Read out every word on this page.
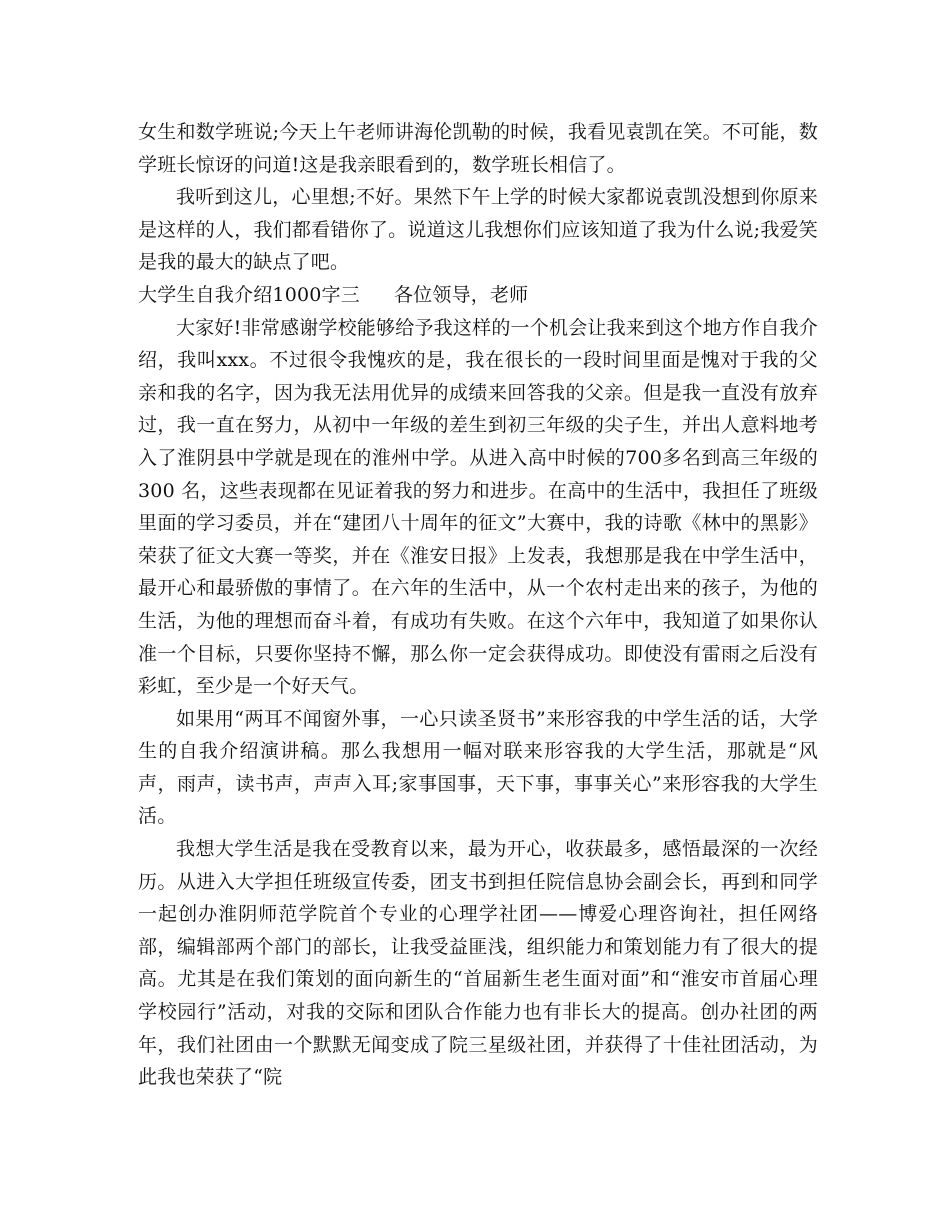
女生和数学班说;今天上午老师讲海伦凯勒的时候，我看见袁凯在笑。不可能，数学班长惊讶的问道!这是我亲眼看到的，数学班长相信了。

我听到这儿，心里想;不好。果然下午上学的时候大家都说袁凯没想到你原来是这样的人，我们都看错你了。说道这儿我想你们应该知道了我为什么说;我爱笑是我的最大的缺点了吧。

大学生自我介绍1000字三 各位领导，老师

大家好!非常感谢学校能够给予我这样的一个机会让我来到这个地方作自我介绍，我叫xxx。不过很令我愧疚的是，我在很长的一段时间里面是愧对于我的父亲和我的名字，因为我无法用优异的成绩来回答我的父亲。但是我一直没有放弃过，我一直在努力，从初中一年级的差生到初三年级的尖子生，并出人意料地考入了淮阴县中学就是现在的淮州中学。从进入高中时候的700多名到高三年级的300 名，这些表现都在见证着我的努力和进步。在高中的生活中，我担任了班级里面的学习委员，并在“建团八十周年的征文”大赛中，我的诗歌《林中的黑影》荣获了征文大赛一等奖，并在《淮安日报》上发表，我想那是我在中学生活中，最开心和最骄傲的事情了。在六年的生活中，从一个农村走出来的孩子，为他的生活，为他的理想而奋斗着，有成功有失败。在这个六年中，我知道了如果你认准一个目标，只要你坚持不懈，那么你一定会获得成功。即使没有雷雨之后没有彩虹，至少是一个好天气。

如果用“两耳不闻窗外事，一心只读圣贤书”来形容我的中学生活的话，大学生的自我介绍演讲稿。那么我想用一幅对联来形容我的大学生活，那就是“风声，雨声，读书声，声声入耳;家事国事，天下事，事事关心”来形容我的大学生活。

我想大学生活是我在受教育以来，最为开心，收获最多，感悟最深的一次经历。从进入大学担任班级宣传委，团支书到担任院信息协会副会长，再到和同学一起创办淮阴师范学院首个专业的心理学社团——博爱心理咨询社，担任网络部，编辑部两个部门的部长，让我受益匪浅，组织能力和策划能力有了很大的提高。尤其是在我们策划的面向新生的“首届新生老生面对面”和“淮安市首届心理学校园行”活动，对我的交际和团队合作能力也有非长大的提高。创办社团的两年，我们社团由一个默默无闻变成了院三星级社团，并获得了十佳社团活动，为此我也荣获了“院
